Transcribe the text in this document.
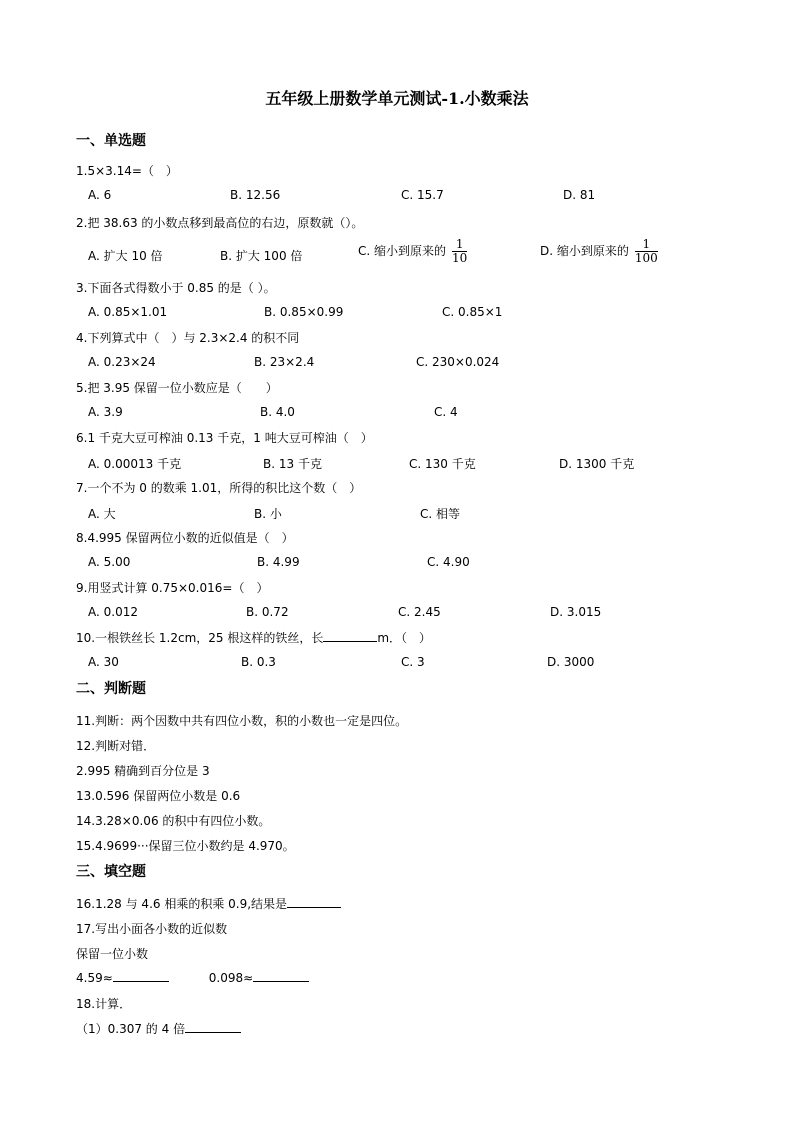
五年级上册数学单元测试-1.小数乘法
一、单选题
1.5×3.14=（　）
A. 6	B. 12.56	C. 15.7	D. 81
2.把 38.63 的小数点移到最高位的右边，原数就（）。
A. 扩大 10 倍	B. 扩大 100 倍	C. 缩小到原来的 $\frac{1}{10}$	D. 缩小到原来的 $\frac{1}{100}$
3.下面各式得数小于 0.85 的是（ ）。
A. 0.85×1.01	B. 0.85×0.99	C. 0.85×1
4.下列算式中（　）与 2.3×2.4 的积不同
A. 0.23×24	B. 23×2.4	C. 230×0.024
5.把 3.95 保留一位小数应是（　　）
A. 3.9	B. 4.0	C. 4
6.1 千克大豆可榨油 0.13 千克，1 吨大豆可榨油（　）
A. 0.00013 千克	B. 13 千克	C. 130 千克	D. 1300 千克
7.一个不为 0 的数乘 1.01，所得的积比这个数（　）
A. 大	B. 小	C. 相等
8.4.995 保留两位小数的近似值是（　）
A. 5.00	B. 4.99	C. 4.90
9.用竖式计算 0.75×0.016=（　）
A. 0.012	B. 0.72	C. 2.45	D. 3.015
10.一根铁丝长 1.2cm，25 根这样的铁丝，长	m．（　）
A. 30	B. 0.3	C. 3	D. 3000
二、判断题
11.判断：两个因数中共有四位小数，积的小数也一定是四位。
12.判断对错．
2.995 精确到百分位是 3
13.0.596 保留两位小数是 0.6
14.3.28×0.06 的积中有四位小数。
15.4.9699···保留三位小数约是 4.970。
三、填空题
16.1.28 与 4.6 相乘的积乘 0.9,结果是
17.写出小面各小数的近似数
保留一位小数
4.59≈	0.098≈
18.计算．
（1）0.307 的 4 倍
